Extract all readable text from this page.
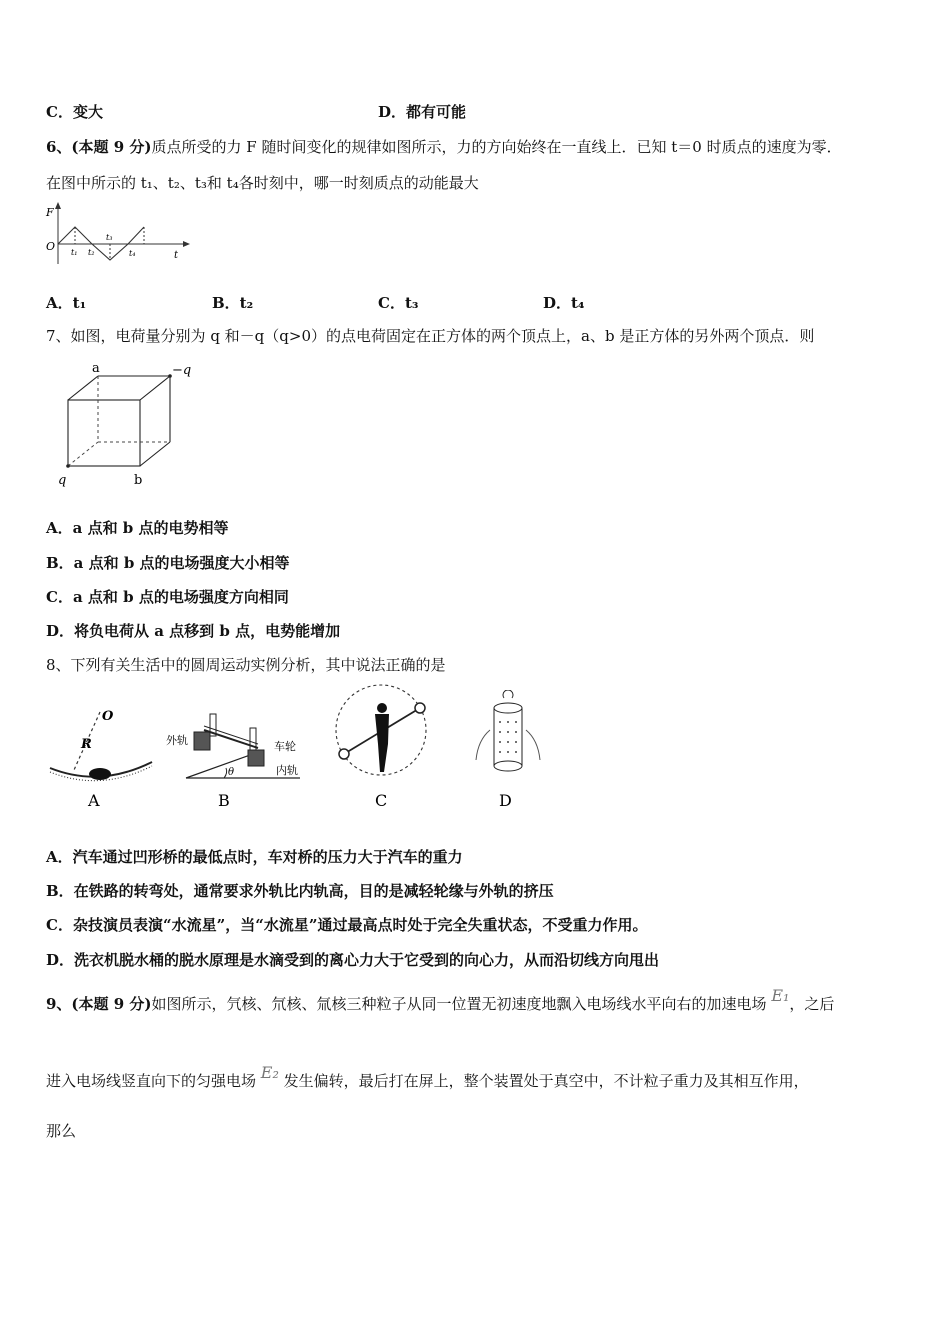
C．变大	D．都有可能
6、(本题 9 分)质点所受的力 F 随时间变化的规律如图所示，力的方向始终在一直线上．已知 t＝0 时质点的速度为零．
在图中所示的 t₁、t₂、t₃和 t₄各时刻中，哪一时刻质点的动能最大
F
O
t
t₁ t₂
t₃
t₄
A．t₁	B．t₂	C．t₃	D．t₄
7、如图，电荷量分别为 q 和－q（q>0）的点电荷固定在正方体的两个顶点上，a、b 是正方体的另外两个顶点．则
a	−q
q	b
A．a 点和 b 点的电势相等
B．a 点和 b 点的电场强度大小相等
C．a 点和 b 点的电场强度方向相同
D．将负电荷从 a 点移到 b 点，电势能增加
8、下列有关生活中的圆周运动实例分析，其中说法正确的是
O
R
A
外轨	车轮
内轨
θ
B	C	D
A．汽车通过凹形桥的最低点时，车对桥的压力大于汽车的重力
B．在铁路的转弯处，通常要求外轨比内轨高，目的是减轻轮缘与外轨的挤压
C．杂技演员表演“水流星”，当“水流星”通过最高点时处于完全失重状态，不受重力作用。
D．洗衣机脱水桶的脱水原理是水滴受到的离心力大于它受到的向心力，从而沿切线方向甩出
9、(本题 9 分)如图所示，氕核、氘核、氚核三种粒子从同一位置无初速度地飘入电场线水平向右的加速电场 E₁，之后
进入电场线竖直向下的匀强电场 E₂ 发生偏转，最后打在屏上，整个装置处于真空中，不计粒子重力及其相互作用，
那么
